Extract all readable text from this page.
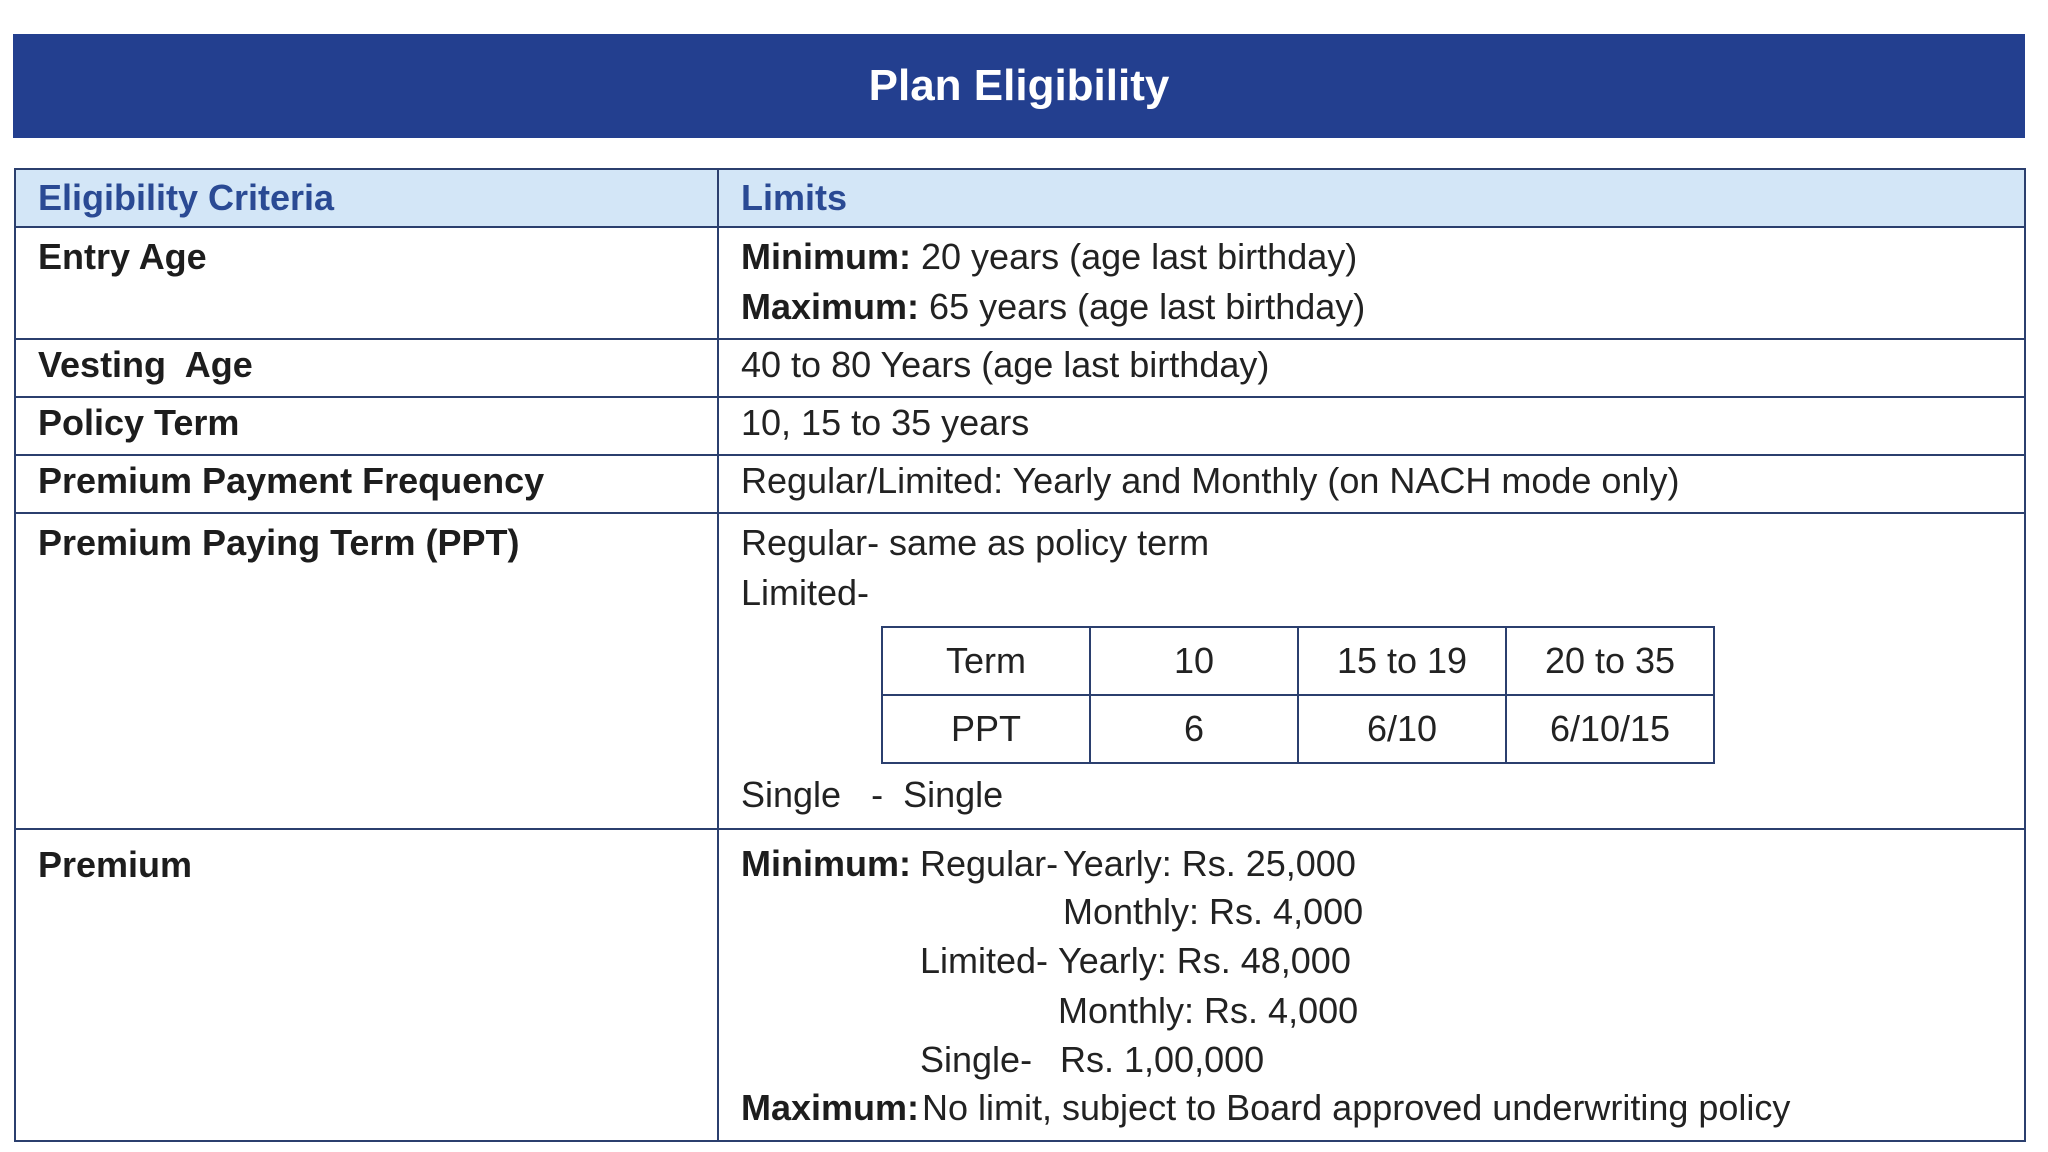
Plan Eligibility
Eligibility Criteria	Limits
Entry Age	Minimum: 20 years (age last birthday)
Maximum: 65 years (age last birthday)

Vesting  Age	40 to 80 Years (age last birthday)
Policy Term	10, 15 to 35 years
Premium Payment Frequency	Regular/Limited: Yearly and Monthly (on NACH mode only)
Premium Paying Term (PPT)	Regular- same as policy term
Limited-
Term	10	15 to 19	20 to 35
PPT	6	6/10	6/10/15
Single   -  Single

Premium	Minimum: Regular- Yearly: Rs. 25,000
Monthly: Rs. 4,000
Limited- Yearly: Rs. 48,000
Monthly: Rs. 4,000
Single- Rs. 1,00,000
Maximum: No limit, subject to Board approved underwriting policy
